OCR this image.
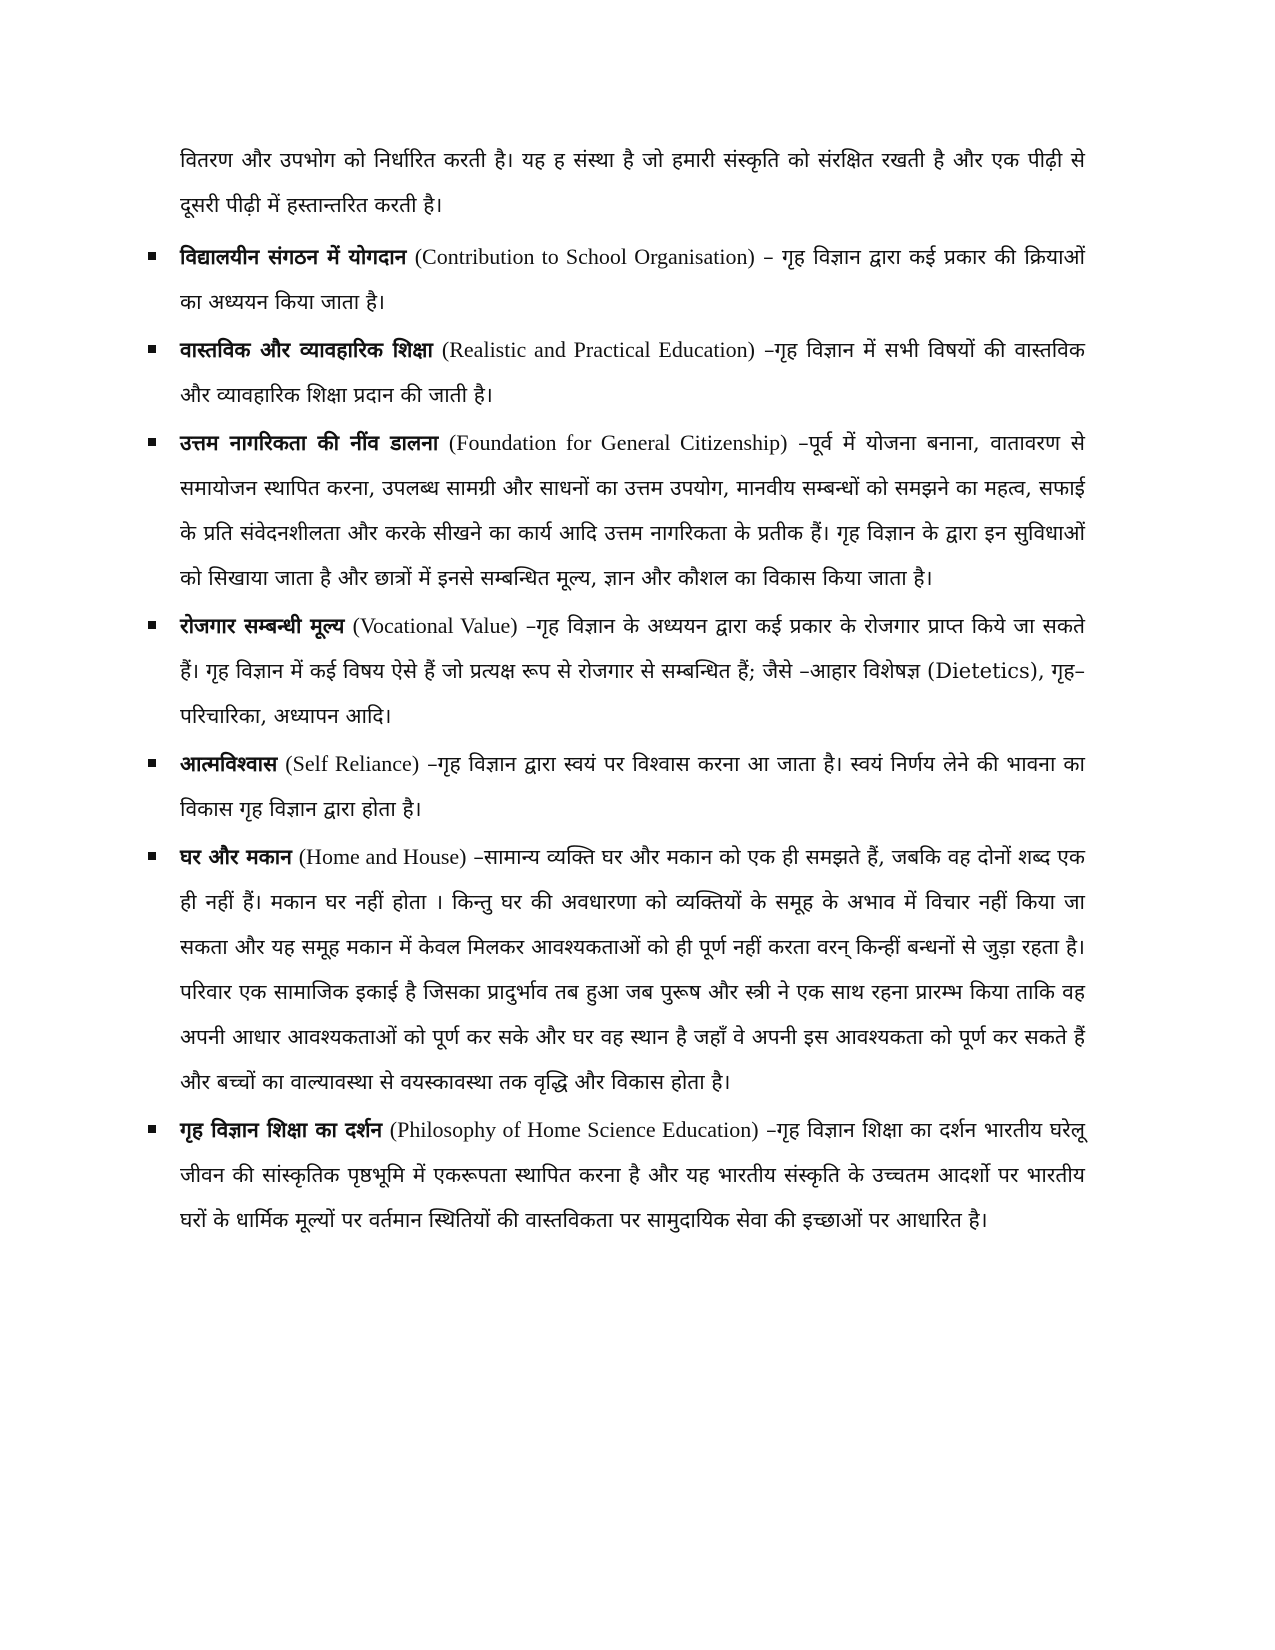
वितरण और उपभोग को निर्धारित करती है। यह ह संस्था है जो हमारी संस्कृति को संरक्षित रखती है और एक पीढ़ी से दूसरी पीढ़ी में हस्तान्तरित करती है।

विद्यालयीन संगठन में योगदान (Contribution to School Organisation) – गृह विज्ञान द्वारा कई प्रकार की क्रियाओं का अध्ययन किया जाता है।
वास्तविक और व्यावहारिक शिक्षा (Realistic and Practical Education) –गृह विज्ञान में सभी विषयों की वास्तविक और व्यावहारिक शिक्षा प्रदान की जाती है।
उत्तम नागरिकता की नींव डालना (Foundation for General Citizenship) –पूर्व में योजना बनाना, वातावरण से समायोजन स्थापित करना, उपलब्ध सामग्री और साधनों का उत्तम उपयोग, मानवीय सम्बन्धों को समझने का महत्व, सफाई के प्रति संवेदनशीलता और करके सीखने का कार्य आदि उत्तम नागरिकता के प्रतीक हैं। गृह विज्ञान के द्वारा इन सुविधाओं को सिखाया जाता है और छात्रों में इनसे सम्बन्धित मूल्य, ज्ञान और कौशल का विकास किया जाता है।
रोजगार सम्बन्धी मूल्य (Vocational Value) –गृह विज्ञान के अध्ययन द्वारा कई प्रकार के रोजगार प्राप्त किये जा सकते हैं। गृह विज्ञान में कई विषय ऐसे हैं जो प्रत्यक्ष रूप से रोजगार से सम्बन्धित हैं; जैसे –आहार विशेषज्ञ (Dietetics), गृह–परिचारिका, अध्यापन आदि।
आत्मविश्वास (Self Reliance) –गृह विज्ञान द्वारा स्वयं पर विश्वास करना आ जाता है। स्वयं निर्णय लेने की भावना का विकास गृह विज्ञान द्वारा होता है।
घर और मकान (Home and House) –सामान्य व्यक्ति घर और मकान को एक ही समझते हैं, जबकि वह दोनों शब्द एक ही नहीं हैं। मकान घर नहीं होता । किन्तु घर की अवधारणा को व्यक्तियों के समूह के अभाव में विचार नहीं किया जा सकता और यह समूह मकान में केवल मिलकर आवश्यकताओं को ही पूर्ण नहीं करता वरन् किन्हीं बन्धनों से जुड़ा रहता है। परिवार एक सामाजिक इकाई है जिसका प्रादुर्भाव तब हुआ जब पुरूष और स्त्री ने एक साथ रहना प्रारम्भ किया ताकि वह अपनी आधार आवश्यकताओं को पूर्ण कर सके और घर वह स्थान है जहाँ वे अपनी इस आवश्यकता को पूर्ण कर सकते हैं और बच्चों का वाल्यावस्था से वयस्कावस्था तक वृद्धि और विकास होता है।
गृह विज्ञान शिक्षा का दर्शन (Philosophy of Home Science Education) –गृह विज्ञान शिक्षा का दर्शन भारतीय घरेलू जीवन की सांस्कृतिक पृष्ठभूमि में एकरूपता स्थापित करना है और यह भारतीय संस्कृति के उच्चतम आदर्शो पर भारतीय घरों के धार्मिक मूल्यों पर वर्तमान स्थितियों की वास्तविकता पर सामुदायिक सेवा की इच्छाओं पर आधारित है।
